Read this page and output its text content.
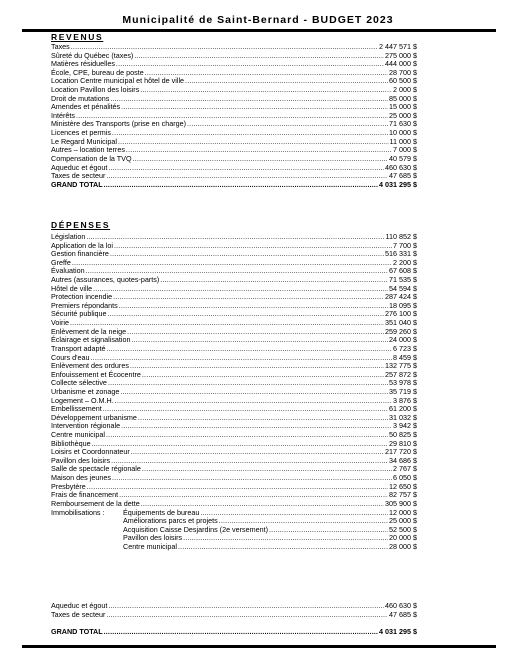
Municipalité de Saint-Bernard - BUDGET 2023
REVENUS
Taxes .....	2 447 571 $
Sûreté du Québec (taxes) .....	275 000 $
Matières résiduelles .....	444 000 $
École, CPE, bureau de poste .....	28 700 $
Location Centre municipal et hôtel de ville .....	60 500 $
Location Pavillon des loisirs .....	2 000 $
Droit de mutations .....	85 000 $
Amendes et pénalités .....	15 000 $
Intérêts .....	25 000 $
Ministère des Transports (prise en charge) .....	71 630 $
Licences et permis .....	10 000 $
Le Regard Municipal .....	11 000 $
Autres – location terres .....	7 000 $
Compensation de la TVQ .....	40 579 $
Aqueduc et égout .....	460 630 $
Taxes de secteur .....	47 685 $
GRAND TOTAL .....	4 031 295 $
DÉPENSES
Législation .....	110 852 $
Application de la loi .....	7 700 $
Gestion financière .....	516 331 $
Greffe .....	2 200 $
Évaluation .....	67 608 $
Autres (assurances, quotes-parts) .....	71 535 $
Hôtel de ville .....	54 594 $
Protection incendie .....	287 424 $
Premiers répondants .....	18 095 $
Sécurité publique .....	276 100 $
Voirie .....	351 040 $
Enlèvement de la neige .....	259 260 $
Éclairage et signalisation .....	24 000 $
Transport adapté .....	6 723 $
Cours d'eau .....	8 459 $
Enlèvement des ordures .....	132 775 $
Enfouissement et Écocentre .....	257 872 $
Collecte sélective .....	53 978 $
Urbanisme et zonage .....	35 719 $
Logement – O.M.H. .....	3 876 $
Embellissement .....	61 200 $
Développement urbanisme .....	31 032 $
Intervention régionale .....	3 942 $
Centre municipal .....	50 825 $
Bibliothèque .....	29 810 $
Loisirs et Coordonnateur .....	217 720 $
Pavillon des loisirs .....	34 686 $
Salle de spectacle régionale .....	2 767 $
Maison des jeunes .....	6 050 $
Presbytère .....	12 650 $
Frais de financement .....	82 757 $
Remboursement de la dette .....	305 900 $
Immobilisations :	Équipements de bureau .....	12 000 $
Améliorations parcs et projets .....	25 000 $
Acquisition Caisse Desjardins (2e versement) .....	52 500 $
Pavillon des loisirs .....	20 000 $
Centre municipal .....	28 000 $
Aqueduc et égout .....	460 630 $
Taxes de secteur .....	47 685 $
GRAND TOTAL .....	4 031 295 $
